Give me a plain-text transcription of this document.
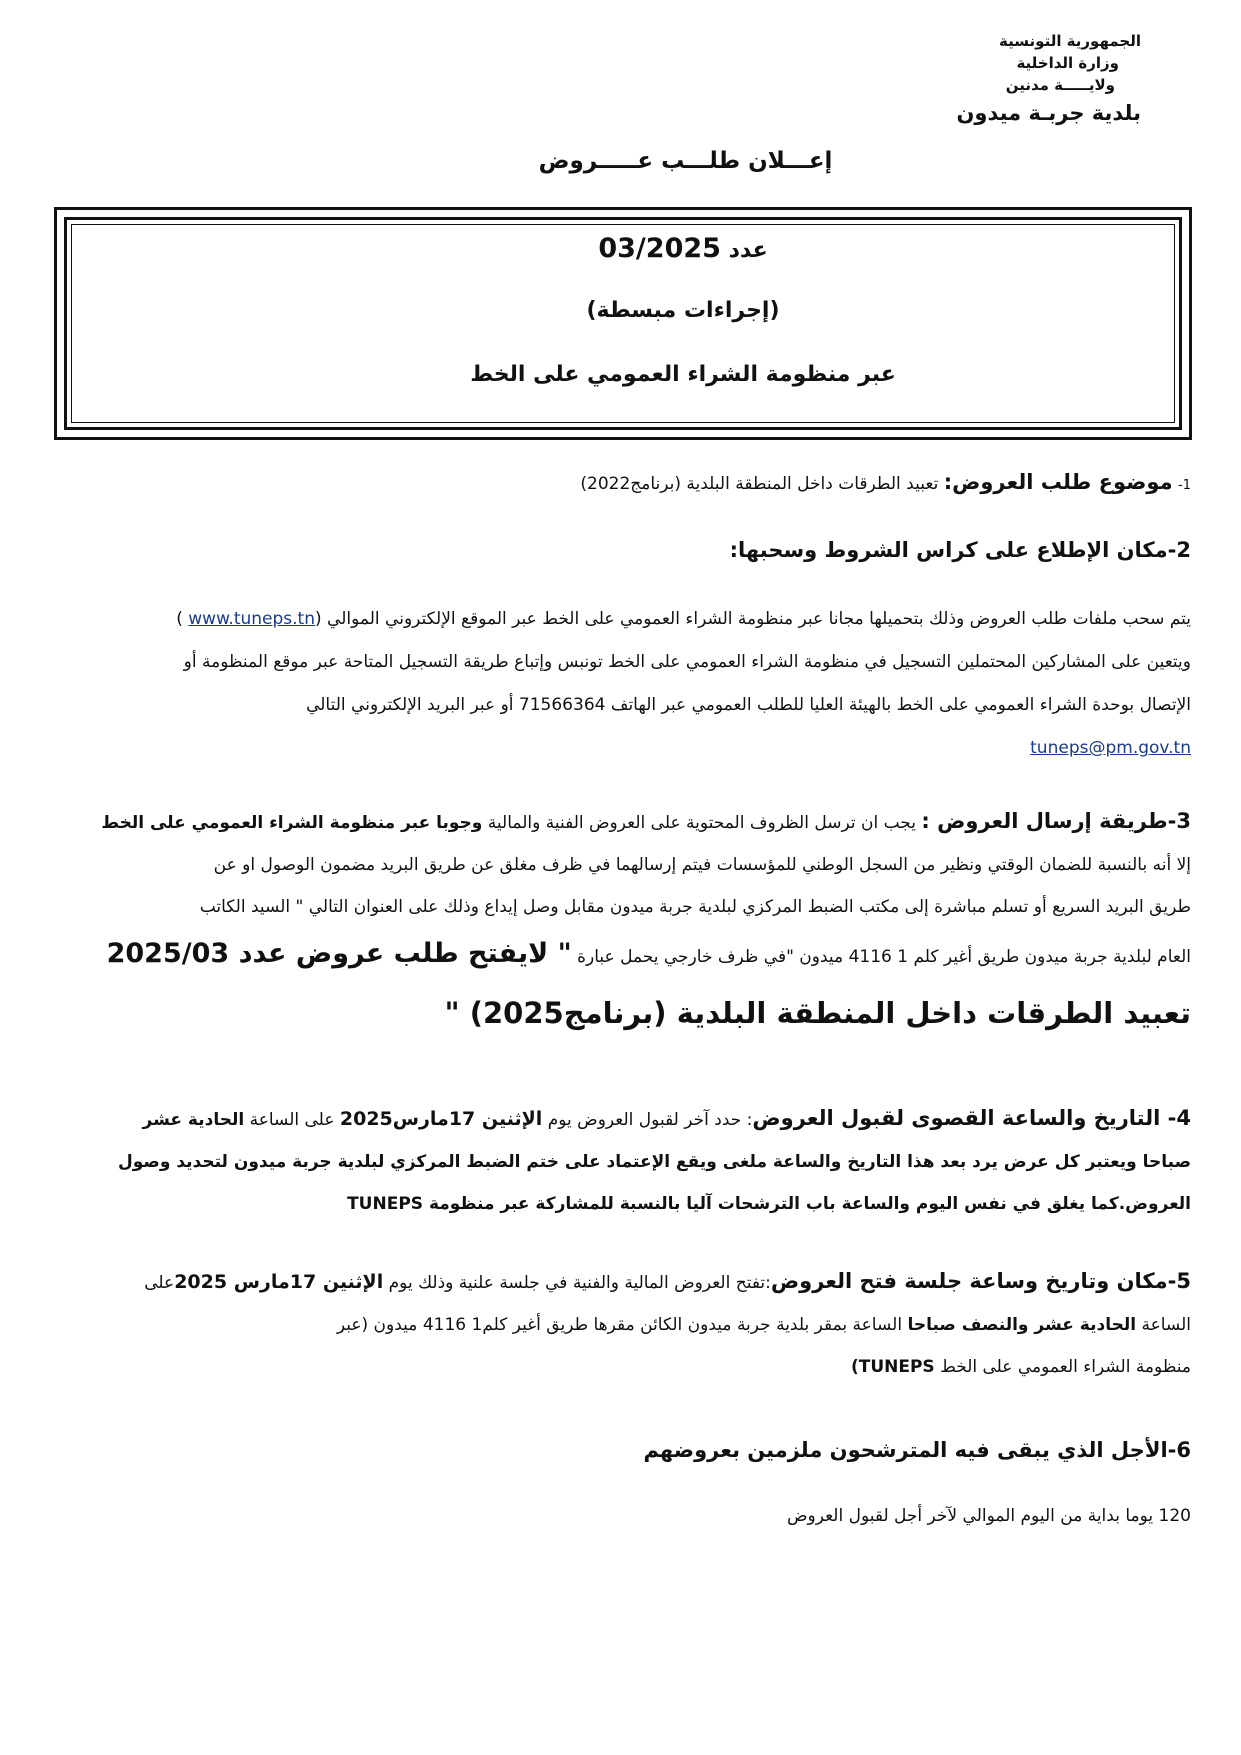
الجمهورية التونسية
وزارة الداخلية
ولايـــــة مدنين
بلدية جربـة ميدون
إعـــلان طلـــب عـــــروض
عدد 03/2025
(إجراءات مبسطة)
عبر منظومة الشراء العمومي على الخط
1- موضوع طلب العروض: تعبيد الطرقات داخل المنطقة البلدية (برنامج2022)
2-مكان الإطلاع على كراس الشروط وسحبها:
يتم سحب ملفات طلب العروض وذلك بتحميلها مجانا عبر منظومة الشراء العمومي على الخط عبر الموقع الإلكتروني الموالي (www.tuneps.tn )
ويتعين على المشاركين المحتملين التسجيل في منظومة الشراء العمومي على الخط تونبس وإتباع طريقة التسجيل المتاحة عبر موقع المنظومة أو
الإتصال بوحدة الشراء العمومي على الخط بالهيئة العليا للطلب العمومي عبر الهاتف 71566364 أو عبر البريد الإلكتروني التالي
tuneps@pm.gov.tn
3-طريقة إرسال العروض : يجب ان ترسل الظروف المحتوية على العروض الفنية والمالية وجوبا عبر منظومة الشراء العمومي على الخط
إلا أنه بالنسبة للضمان الوقتي ونظير من السجل الوطني للمؤسسات فيتم إرسالهما في ظرف مغلق عن طريق البريد مضمون الوصول او عن
طريق البريد السريع أو تسلم مباشرة إلى مكتب الضبط المركزي لبلدية جربة ميدون مقابل وصل إيداع وذلك على العنوان التالي " السيد الكاتب
العام لبلدية جربة ميدون طريق أغير كلم 1 4116 ميدون "في ظرف خارجي يحمل عبارة " لايفتح طلب عروض عدد 2025/03
تعبيد الطرقات داخل المنطقة البلدية (برنامج2025) "
4- التاريخ والساعة القصوى لقبول العروض: حدد آخر لقبول العروض يوم الإثنين 17مارس2025 على الساعة الحادية عشر
صباحا ويعتبر كل عرض يرد بعد هذا التاريخ والساعة ملغى ويقع الإعتماد على ختم الضبط المركزي لبلدية جربة ميدون لتحديد وصول
العروض.كما يغلق في نفس اليوم والساعة باب الترشحات آليا بالنسبة للمشاركة عبر منظومة TUNEPS
5-مكان وتاريخ وساعة جلسة فتح العروض:تفتح العروض المالية والفنية في جلسة علنية وذلك يوم الإثنين 17مارس 2025على
الساعة الحادية عشر والنصف صباحا الساعة بمقر بلدية جربة ميدون الكائن مقرها طريق أغير كلم1 4116 ميدون (عبر
منظومة الشراء العمومي على الخط TUNEPS)
6-الأجل الذي يبقى فيه المترشحون ملزمين بعروضهم
120 يوما بداية من اليوم الموالي لآخر أجل لقبول العروض
